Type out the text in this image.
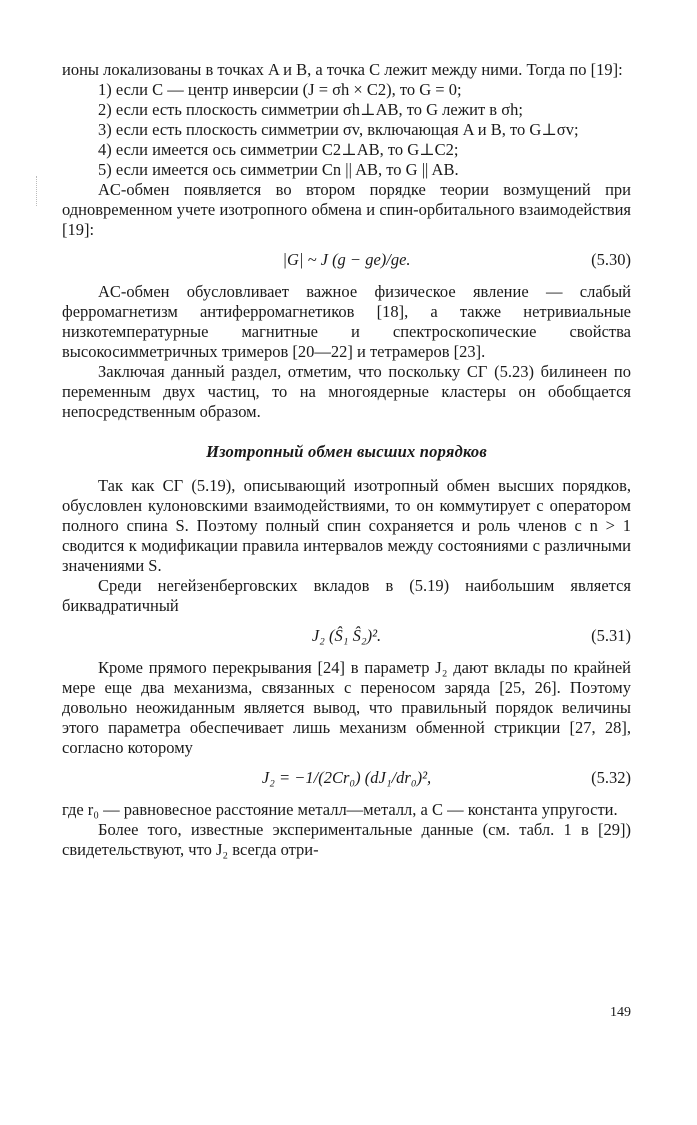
ионы локализованы в точках A и B, а точка C лежит между ними. Тогда по [19]:

1) если C — центр инверсии (J = σh × C2), то G = 0;

2) если есть плоскость симметрии σh⊥AB, то G лежит в σh;

3) если есть плоскость симметрии σv, включающая A и B, то G⊥σv;

4) если имеется ось симметрии C2⊥AB, то G⊥C2;

5) если имеется ось симметрии Cn || AB, то G || AB.

AC-обмен появляется во втором порядке теории возмущений при одновременном учете изотропного обмена и спин-орбитального взаимодействия [19]:

|G| ~ J (g − ge)/ge.	(5.30)

AC-обмен обусловливает важное физическое явление — слабый ферромагнетизм антиферромагнетиков [18], а также нетривиальные низкотемпературные магнитные и спектроскопические свойства высокосимметричных тримеров [20—22] и тетрамеров [23].

Заключая данный раздел, отметим, что поскольку СГ (5.23) билинеен по переменным двух частиц, то на многоядерные кластеры он обобщается непосредственным образом.

Изотропный обмен высших порядков

Так как СГ (5.19), описывающий изотропный обмен высших порядков, обусловлен кулоновскими взаимодействиями, то он коммутирует с оператором полного спина S. Поэтому полный спин сохраняется и роль членов с n > 1 сводится к модификации правила интервалов между состояниями с различными значениями S.

Среди негейзенберговских вкладов в (5.19) наибольшим является биквадратичный

J₂ (Ŝ₁ Ŝ₂)².	(5.31)

Кроме прямого перекрывания [24] в параметр J₂ дают вклады по крайней мере еще два механизма, связанных с переносом заряда [25, 26]. Поэтому довольно неожиданным является вывод, что правильный порядок величины этого параметра обеспечивает лишь механизм обменной стрикции [27, 28], согласно которому

J₂ = −1/(2Cr₀) (dJ₁/dr₀)²,	(5.32)

где r₀ — равновесное расстояние металл—металл, а C — константа упругости.

Более того, известные экспериментальные данные (см. табл. 1 в [29]) свидетельствуют, что J₂ всегда отри-

149
